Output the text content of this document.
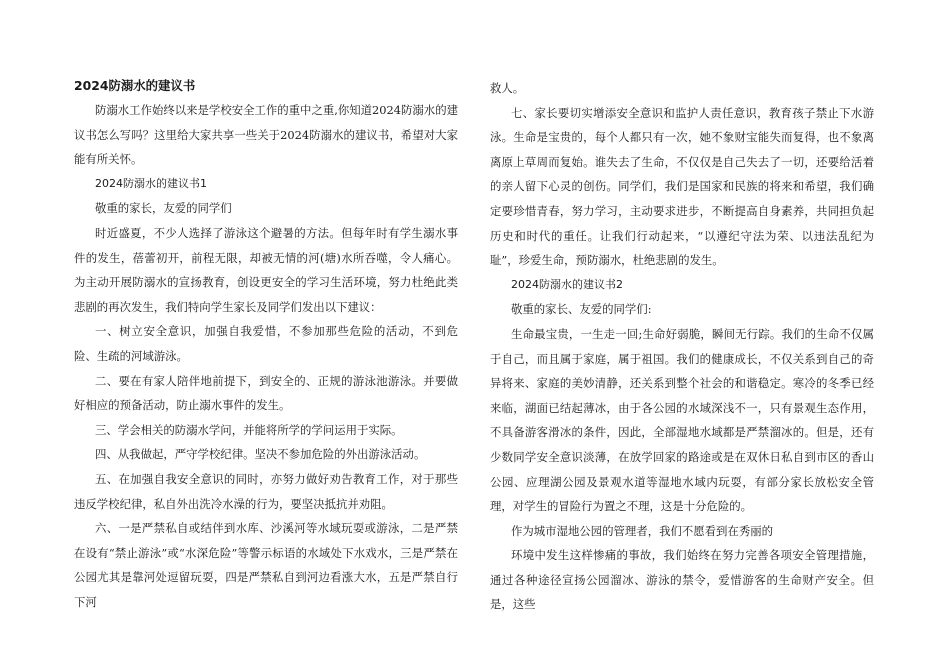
2024防溺水的建议书

防溺水工作始终以来是学校安全工作的重中之重,你知道2024防溺水的建议书怎么写吗？这里给大家共享一些关于2024防溺水的建议书，希望对大家能有所关怀。

2024防溺水的建议书1

敬重的家长，友爱的同学们

时近盛夏，不少人选择了游泳这个避暑的方法。但每年时有学生溺水事件的发生，蓓蕾初开，前程无限，却被无情的河(塘)水所吞噬，令人痛心。为主动开展防溺水的宣扬教育，创设更安全的学习生活环境，努力杜绝此类悲剧的再次发生，我们特向学生家长及同学们发出以下建议：

一、树立安全意识，加强自我爱惜，不参加那些危险的活动，不到危险、生疏的河域游泳。

二、要在有家人陪伴地前提下，到安全的、正规的游泳池游泳。并要做好相应的预备活动，防止溺水事件的发生。

三、学会相关的防溺水学问，并能将所学的学问运用于实际。

四、从我做起，严守学校纪律。坚决不参加危险的外出游泳活动。

五、在加强自我安全意识的同时，亦努力做好劝告教育工作，对于那些违反学校纪律，私自外出洗冷水澡的行为，要坚决抵抗并劝阻。

六、一是严禁私自或结伴到水库、沙溪河等水域玩耍或游泳，二是严禁在设有“禁止游泳”或“水深危险”等警示标语的水域处下水戏水，三是严禁在公园尤其是靠河处逗留玩耍，四是严禁私自到河边看涨大水，五是严禁自行下河

救人。

七、家长要切实增添安全意识和监护人责任意识，教育孩子禁止下水游泳。生命是宝贵的，每个人都只有一次，她不象财宝能失而复得，也不象离离原上草周而复始。谁失去了生命，不仅仅是自己失去了一切，还要给活着的亲人留下心灵的创伤。同学们，我们是国家和民族的将来和希望，我们确定要珍惜青春，努力学习，主动要求进步，不断提高自身素养，共同担负起历史和时代的重任。让我们行动起来，“以遵纪守法为荣、以违法乱纪为耻”，珍爱生命，预防溺水，杜绝悲剧的发生。

2024防溺水的建议书2

敬重的家长、友爱的同学们:

生命最宝贵，一生走一回;生命好弱脆，瞬间无行踪。我们的生命不仅属于自己，而且属于家庭，属于祖国。我们的健康成长，不仅关系到自己的奇异将来、家庭的美妙清静，还关系到整个社会的和谐稳定。寒冷的冬季已经来临，湖面已结起薄冰，由于各公园的水域深浅不一，只有景观生态作用，不具备游客滑冰的条件，因此，全部湿地水域都是严禁溜冰的。但是，还有少数同学安全意识淡薄，在放学回家的路途或是在双休日私自到市区的香山公园、应理湖公园及景观水道等湿地水域内玩耍，有部分家长放松安全管理，对学生的冒险行为置之不理，这是十分危险的。

作为城市湿地公园的管理者，我们不愿看到在秀丽的

环境中发生这样惨痛的事故，我们始终在努力完善各项安全管理措施，通过各种途径宣扬公园溜冰、游泳的禁令，爱惜游客的生命财产安全。但是，这些
